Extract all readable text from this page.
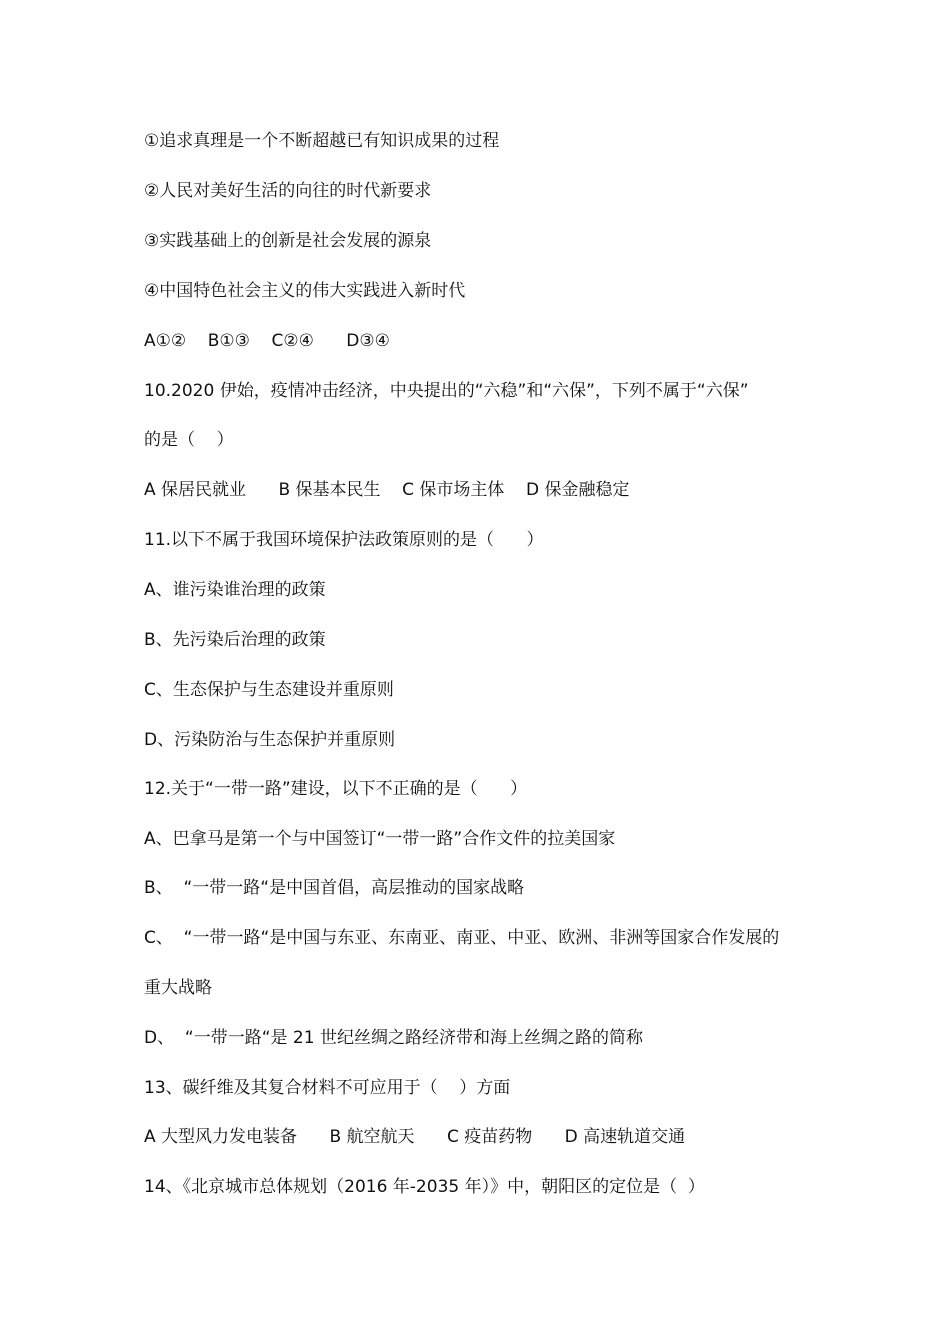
①追求真理是一个不断超越已有知识成果的过程
②人民对美好生活的向往的时代新要求
③实践基础上的创新是社会发展的源泉
④中国特色社会主义的伟大实践进入新时代
A①②    B①③    C②④      D③④
10.2020 伊始，疫情冲击经济，中央提出的“六稳”和“六保”，下列不属于“六保”
的是（    ）
A 保居民就业      B 保基本民生    C 保市场主体    D 保金融稳定
11.以下不属于我国环境保护法政策原则的是（      ）
A、谁污染谁治理的政策
B、先污染后治理的政策
C、生态保护与生态建设并重原则
D、污染防治与生态保护并重原则
12.关于“一带一路”建设，以下不正确的是（      ）
A、巴拿马是第一个与中国签订“一带一路”合作文件的拉美国家
B、  “一带一路“是中国首倡，高层推动的国家战略
C、  “一带一路“是中国与东亚、东南亚、南亚、中亚、欧洲、非洲等国家合作发展的
重大战略
D、  “一带一路“是 21 世纪丝绸之路经济带和海上丝绸之路的简称
13、碳纤维及其复合材料不可应用于（    ）方面
A 大型风力发电装备      B 航空航天      C 疫苗药物      D 高速轨道交通
14、《北京城市总体规划（2016 年-2035 年）》中，朝阳区的定位是（  ）
